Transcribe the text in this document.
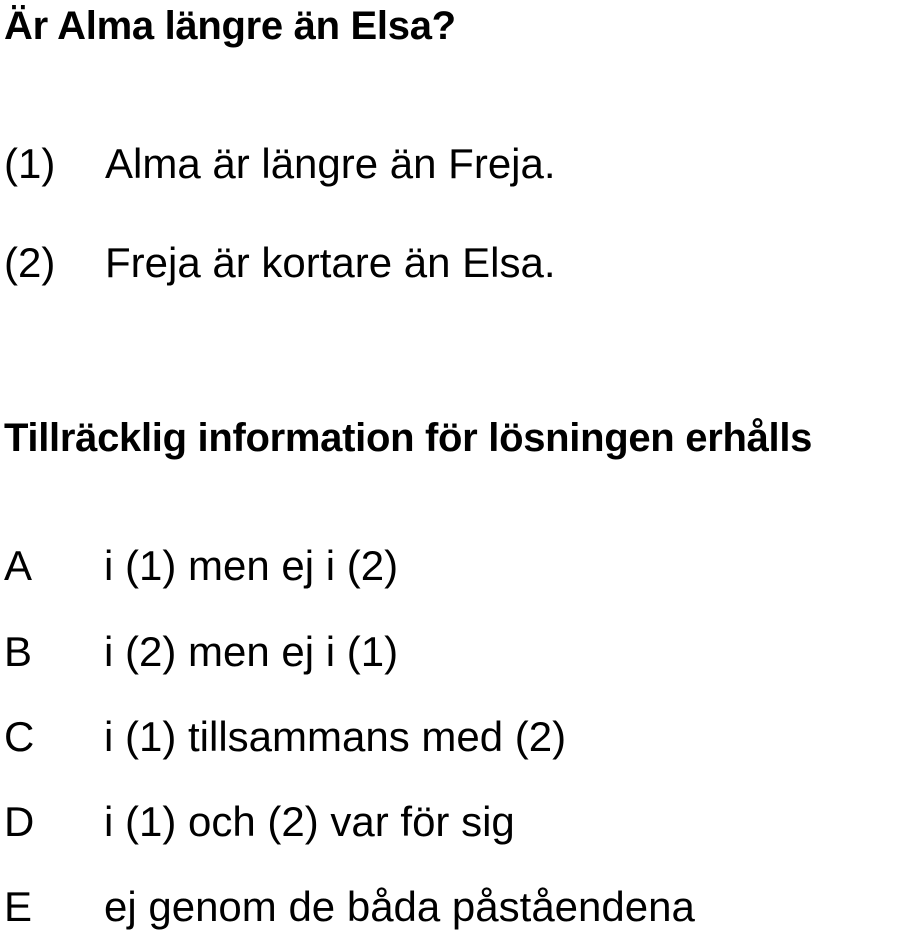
Är Alma längre än Elsa?
(1) Alma är längre än Freja.
(2) Freja är kortare än Elsa.
Tillräcklig information för lösningen erhålls
A i (1) men ej i (2)
B i (2) men ej i (1)
C i (1) tillsammans med (2)
D i (1) och (2) var för sig
E ej genom de båda påståendena
